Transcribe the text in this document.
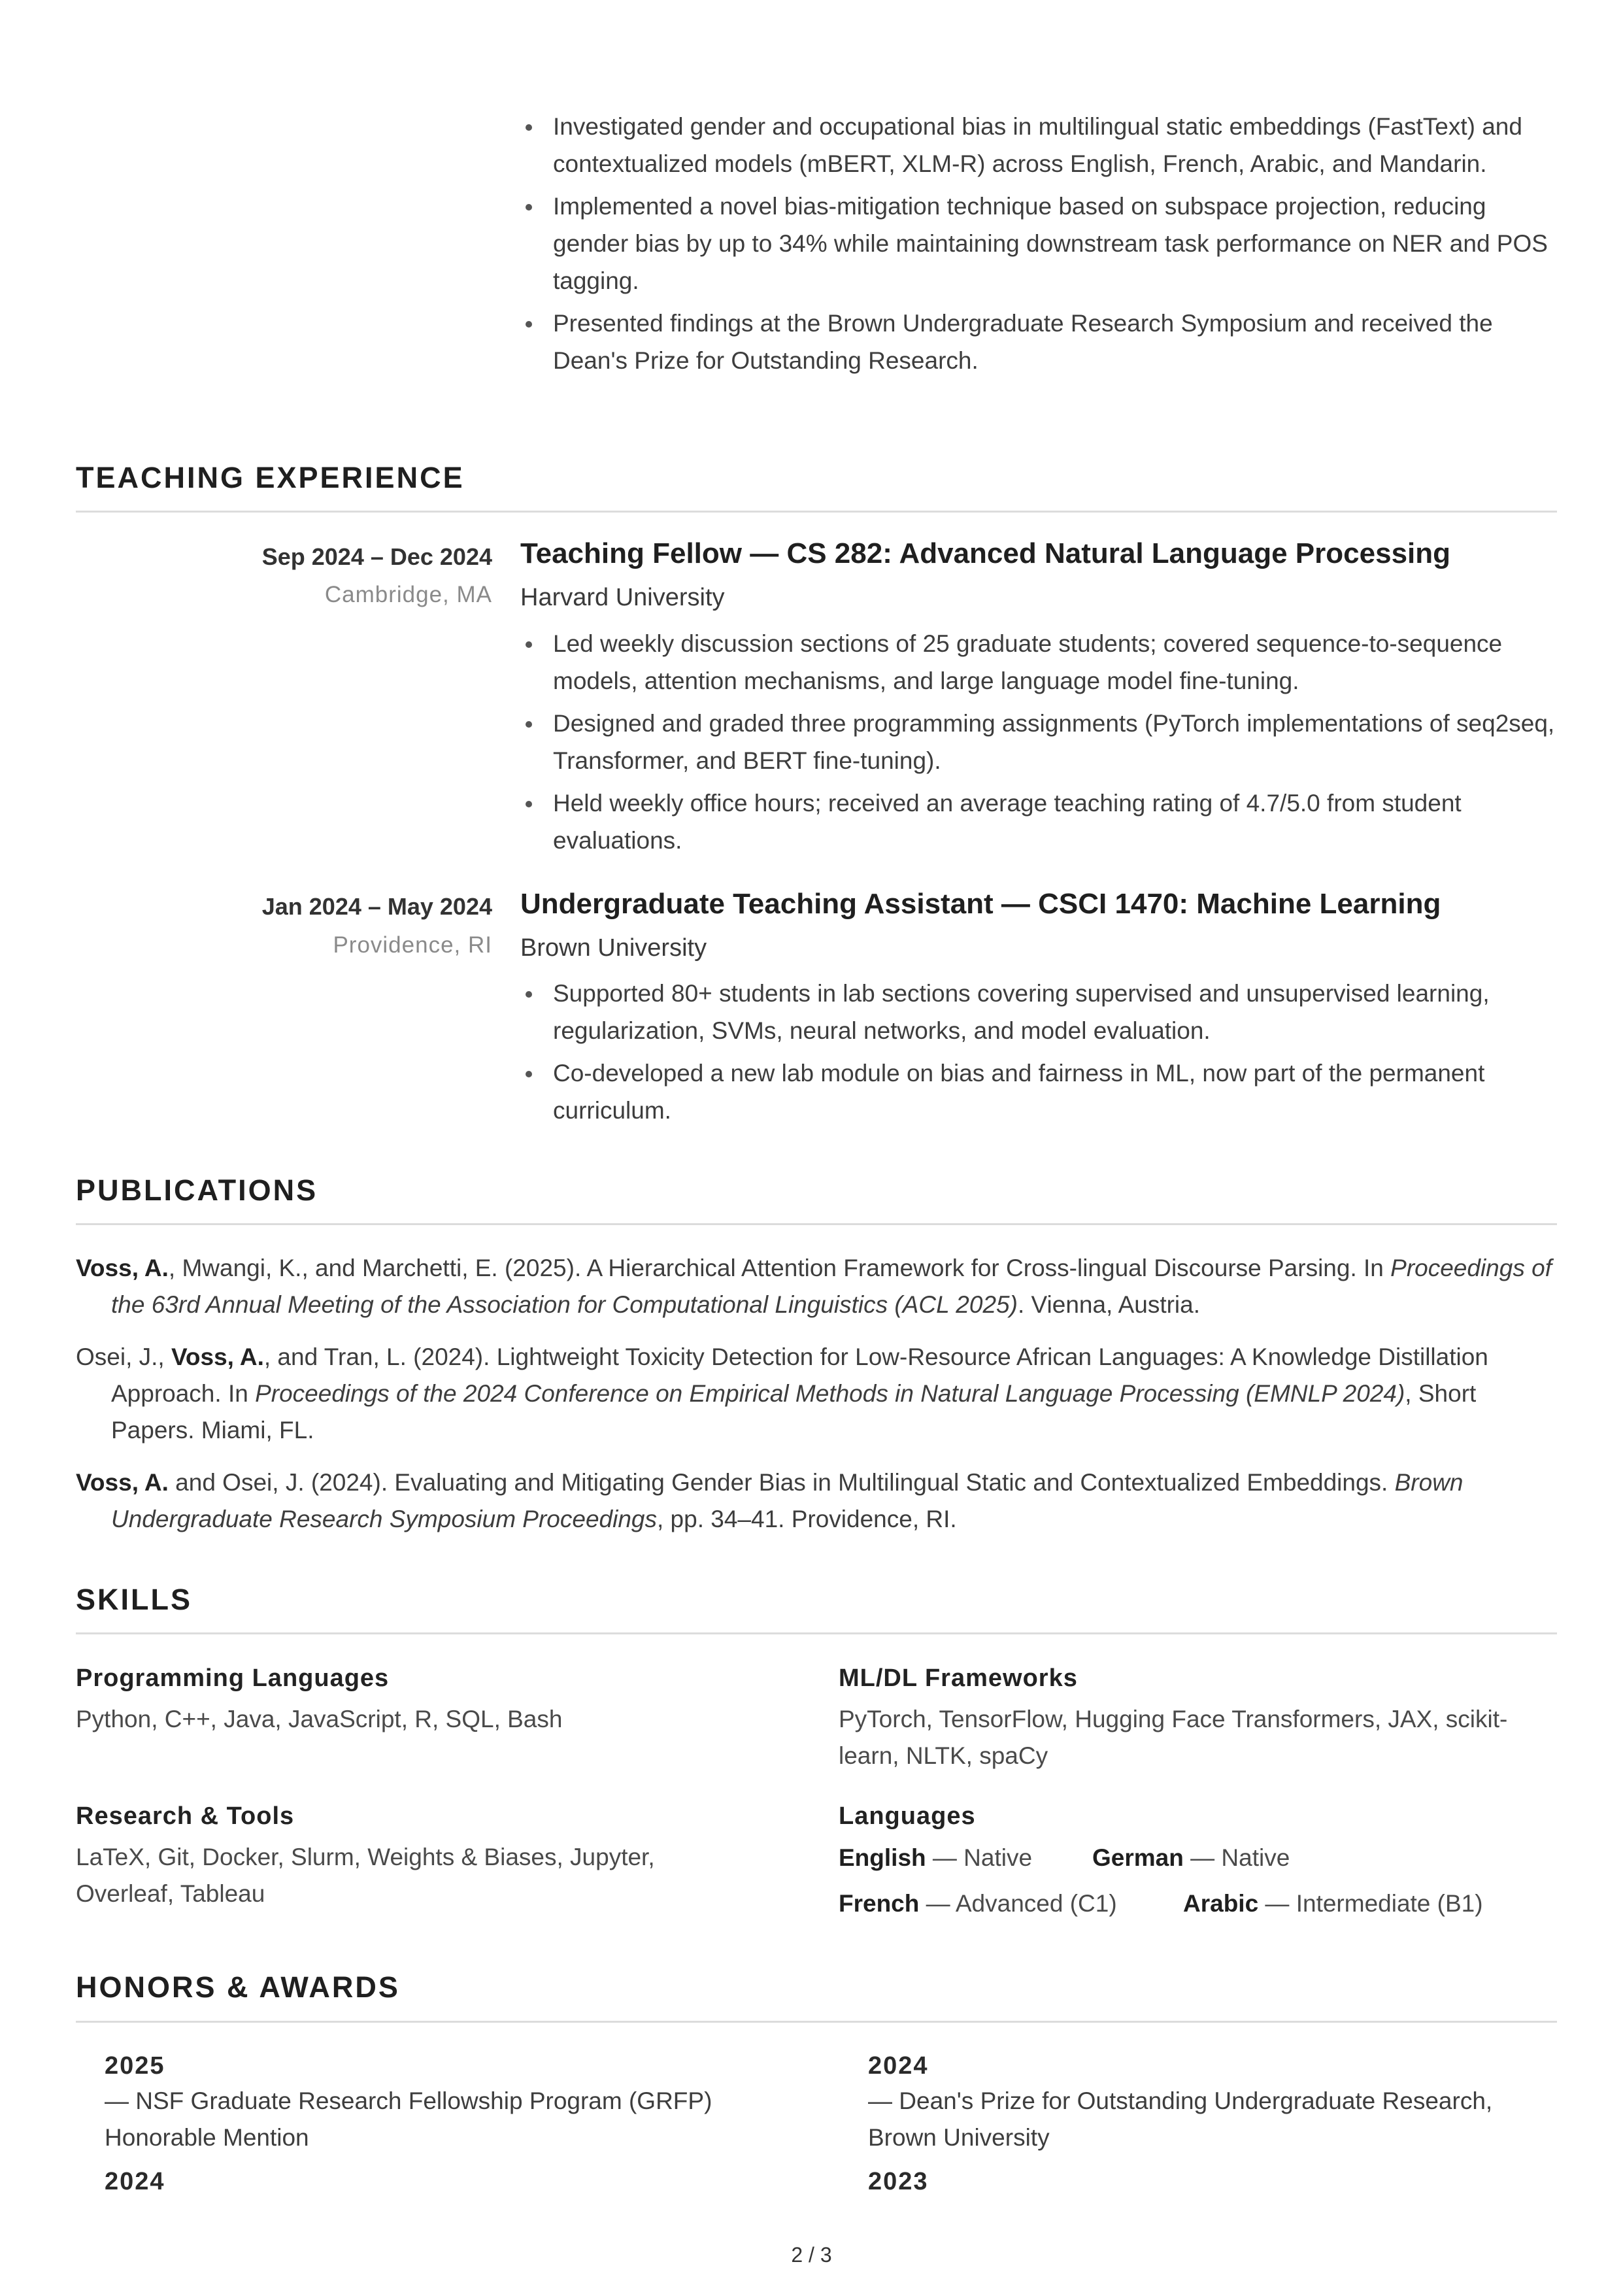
Investigated gender and occupational bias in multilingual static embeddings (FastText) and contextualized models (mBERT, XLM-R) across English, French, Arabic, and Mandarin.
Implemented a novel bias-mitigation technique based on subspace projection, reducing gender bias by up to 34% while maintaining downstream task performance on NER and POS tagging.
Presented findings at the Brown Undergraduate Research Symposium and received the Dean's Prize for Outstanding Research.
TEACHING EXPERIENCE
Sep 2024 – Dec 2024
Cambridge, MA
Teaching Fellow — CS 282: Advanced Natural Language Processing
Harvard University
Led weekly discussion sections of 25 graduate students; covered sequence-to-sequence models, attention mechanisms, and large language model fine-tuning.
Designed and graded three programming assignments (PyTorch implementations of seq2seq, Transformer, and BERT fine-tuning).
Held weekly office hours; received an average teaching rating of 4.7/5.0 from student evaluations.
Jan 2024 – May 2024
Providence, RI
Undergraduate Teaching Assistant — CSCI 1470: Machine Learning
Brown University
Supported 80+ students in lab sections covering supervised and unsupervised learning, regularization, SVMs, neural networks, and model evaluation.
Co-developed a new lab module on bias and fairness in ML, now part of the permanent curriculum.
PUBLICATIONS
Voss, A., Mwangi, K., and Marchetti, E. (2025). A Hierarchical Attention Framework for Cross-lingual Discourse Parsing. In Proceedings of the 63rd Annual Meeting of the Association for Computational Linguistics (ACL 2025). Vienna, Austria.
Osei, J., Voss, A., and Tran, L. (2024). Lightweight Toxicity Detection for Low-Resource African Languages: A Knowledge Distillation Approach. In Proceedings of the 2024 Conference on Empirical Methods in Natural Language Processing (EMNLP 2024), Short Papers. Miami, FL.
Voss, A. and Osei, J. (2024). Evaluating and Mitigating Gender Bias in Multilingual Static and Contextualized Embeddings. Brown Undergraduate Research Symposium Proceedings, pp. 34–41. Providence, RI.
SKILLS
Programming Languages
Python, C++, Java, JavaScript, R, SQL, Bash
ML/DL Frameworks
PyTorch, TensorFlow, Hugging Face Transformers, JAX, scikit-learn, NLTK, spaCy
Research & Tools
LaTeX, Git, Docker, Slurm, Weights & Biases, Jupyter, Overleaf, Tableau
Languages
English — Native German — Native
French — Advanced (C1)	Arabic — Intermediate (B1)
HONORS & AWARDS
2025
— NSF Graduate Research Fellowship Program (GRFP) Honorable Mention
2024
— Dean's Prize for Outstanding Undergraduate Research, Brown University
2024	2023
2 / 3
